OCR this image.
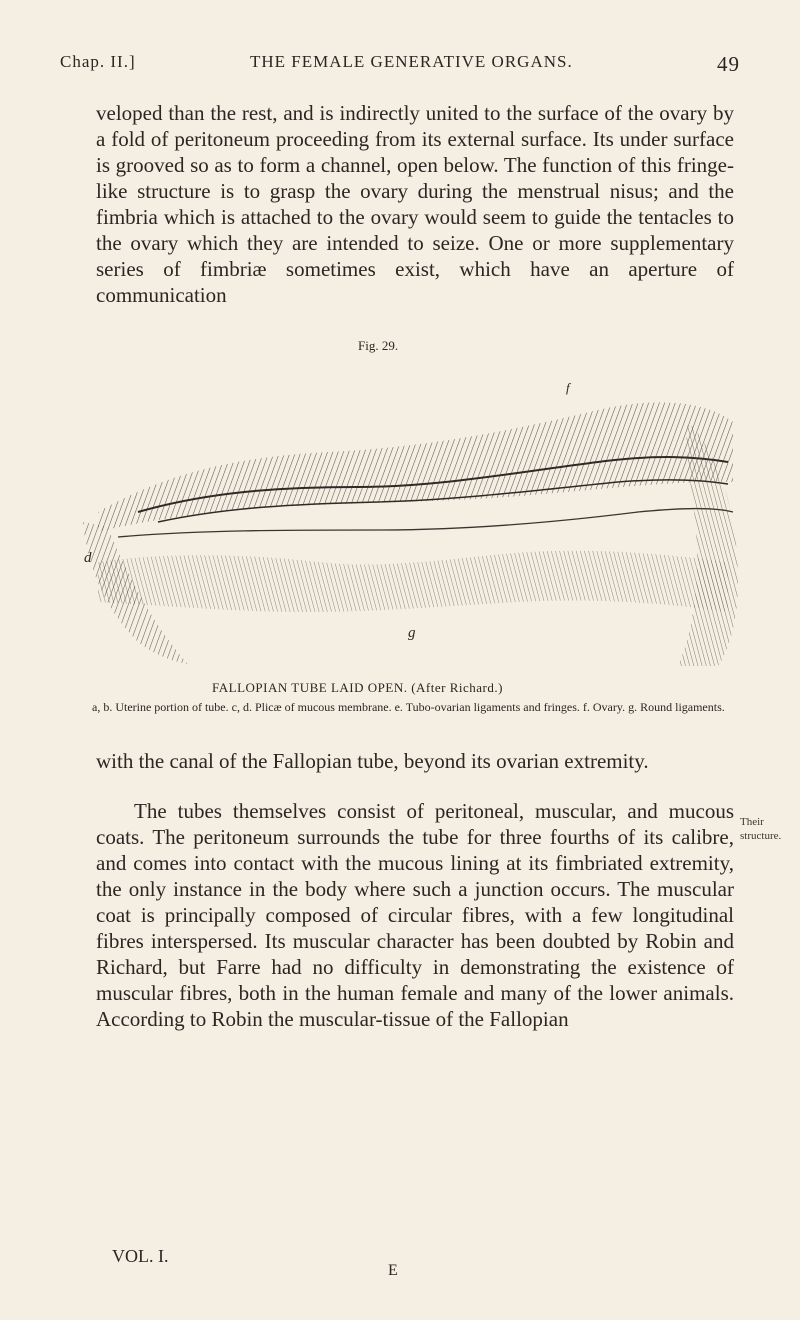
Chap. II.]	THE FEMALE GENERATIVE ORGANS.	49
veloped than the rest, and is indirectly united to the surface of the ovary by a fold of peritoneum proceeding from its external surface. Its under surface is grooved so as to form a channel, open below. The function of this fringe-like structure is to grasp the ovary during the menstrual nisus; and the fimbria which is attached to the ovary would seem to guide the tentacles to the ovary which they are intended to seize. One or more supplementary series of fimbriæ sometimes exist, which have an aperture of communication
Fig. 29.
f
d
g
FALLOPIAN TUBE LAID OPEN. (After Richard.)
a, b. Uterine portion of tube. c, d. Plicæ of mucous membrane. e. Tubo-ovarian ligaments and fringes. f. Ovary. g. Round ligaments.
with the canal of the Fallopian tube, beyond its ovarian extremity.
The tubes themselves consist of peritoneal, muscular, and mucous coats. The peritoneum surrounds the tube for three fourths of its calibre, and comes into contact with the mucous lining at its fimbriated extremity, the only instance in the body where such a junction occurs. The muscular coat is principally composed of circular fibres, with a few longitudinal fibres interspersed. Its muscular character has been doubted by Robin and Richard, but Farre had no difficulty in demonstrating the existence of muscular fibres, both in the human female and many of the lower animals. According to Robin the muscular-tissue of the Fallopian
Their structure.
VOL. I.
E
